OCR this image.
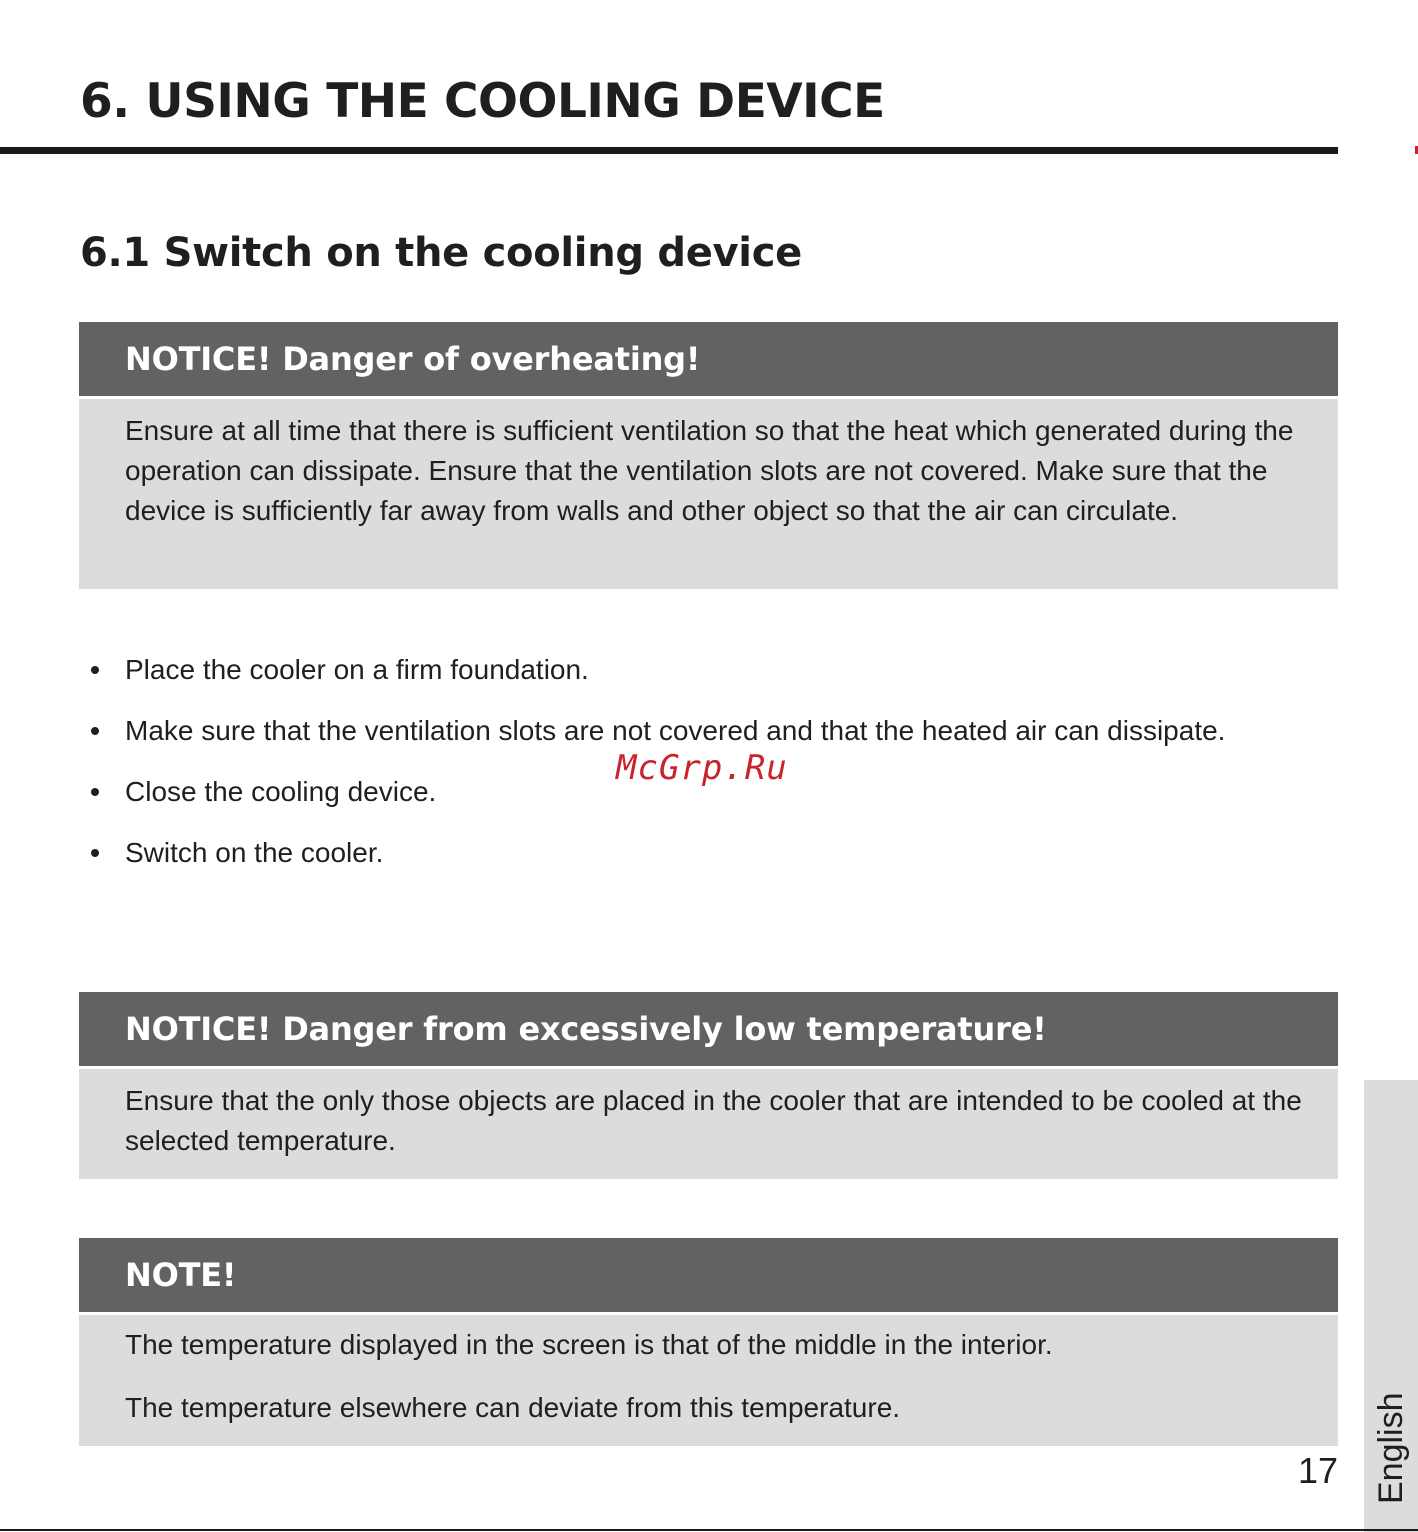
6. USING THE COOLING DEVICE
6.1 Switch on the cooling device
NOTICE! Danger of overheating!

Ensure at all time that there is sufficient ventilation so that the heat which generated during the operation can dissipate. Ensure that the ventilation slots are not covered. Make sure that the device is sufficiently far away from walls and other object so that the air can circulate.

Place the cooler on a firm foundation.
Make sure that the ventilation slots are not covered and that the heated air can dissipate.
Close the cooling device.
Switch on the cooler.
McGrp.Ru
NOTICE! Danger from excessively low temperature!

Ensure that the only those objects are placed in the cooler that are intended to be cooled at the selected temperature.

NOTE!

The temperature displayed in the screen is that of the middle in the interior.

The temperature elsewhere can deviate from this temperature.	English
17
